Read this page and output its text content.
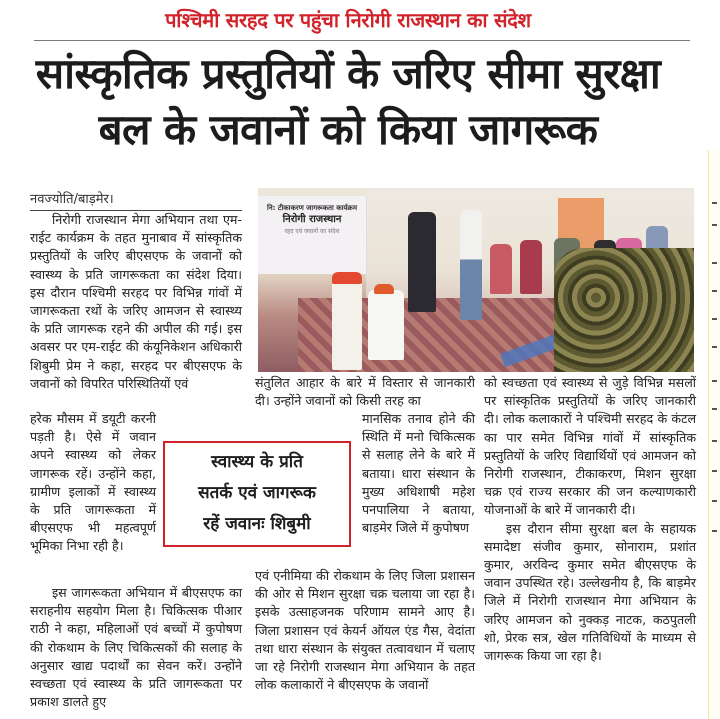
पश्चिमी सरहद पर पहुंचा निरोगी राजस्थान का संदेश
सांस्कृतिक प्रस्तुतियों के जरिए सीमा सुरक्षा
बल के जवानों को किया जागरूक
नि: टीकाकरण जागरूकता कार्यक्रम
निरोगी राजस्थान
रहृद एवं जवानों का संदेश
नवज्योति/बाड़मेर।

निरोगी राजस्थान मेगा अभियान तथा एम-राईट कार्यक्रम के तहत मुनाबाव में सांस्कृतिक प्रस्तुतियों के जरिए बीएसएफ के जवानों को स्वास्थ्य के प्रति जागरूकता का संदेश दिया। इस दौरान पश्चिमी सरहद पर विभिन्न गांवों में जागरूकता रथों के जरिए आमजन से स्वास्थ्य के प्रति जागरूक रहने की अपील की गई। इस अवसर पर एम-राईट की कंयूनिकेशन अधिकारी शिबुमी प्रेम ने कहा, सरहद पर बीएसएफ के जवानों को विपरित परिस्थितियों एवं

हरेक मौसम में डयूटी करनी पड़ती है। ऐसे में जवान अपने स्वास्थ्य को लेकर जागरूक रहें। उन्होंने कहा, ग्रामीण इलाकों में स्वास्थ्य के प्रति जागरूकता में बीएसएफ भी महत्वपूर्ण भूमिका निभा रही है।

इस जागरूकता अभियान में बीएसएफ का सराहनीय सहयोग मिला है। चिकित्सक पीआर राठी ने कहा, महिलाओं एवं बच्चों में कुपोषण की रोकथाम के लिए चिकित्सकों की सलाह के अनुसार खाद्य पदार्थों का सेवन करें। उन्होंने स्वच्छता एवं स्वास्थ्य के प्रति जागरूकता पर प्रकाश डालते हुए

स्वास्थ्य के प्रति
सतर्क एवं जागरूक
रहें जवानः शिबुमी

संतुलित आहार के बारे में विस्तार से जानकारी दी। उन्होंने जवानों को किसी तरह का

मानसिक तनाव होने की स्थिति में मनो चिकित्सक से सलाह लेने के बारे में बताया। धारा संस्थान के मुख्य अधिशाषी महेश पनपालिया ने बताया, बाड़मेर जिले में कुपोषण

एवं एनीमिया की रोकथाम के लिए जिला प्रशासन की ओर से मिशन सुरक्षा चक्र चलाया जा रहा है। इसके उत्साहजनक परिणाम सामने आए है। जिला प्रशासन एवं केयर्न ऑयल एंड गैस, वेदांता तथा धारा संस्थान के संयुक्त तत्वावधान में चलाए जा रहे निरोगी राजस्थान मेगा अभियान के तहत लोक कलाकारों ने बीएसएफ के जवानों

को स्वच्छता एवं स्वास्थ्य से जुड़े विभिन्न मसलों पर सांस्कृतिक प्रस्तुतियों के जरिए जानकारी दी। लोक कलाकारों ने पश्चिमी सरहद के कंटल का पार समेत विभिन्न गांवों में सांस्कृतिक प्रस्तुतियों के जरिए विद्यार्थियों एवं आमजन को निरोगी राजस्थान, टीकाकरण, मिशन सुरक्षा चक्र एवं राज्य सरकार की जन कल्याणकारी योजनाओं के बारे में जानकारी दी।

इस दौरान सीमा सुरक्षा बल के सहायक समादेष्टा संजीव कुमार, सोनाराम, प्रशांत कुमार, अरविन्द कुमार समेत बीएसएफ के जवान उपस्थित रहे। उल्लेखनीय है, कि बाड़मेर जिले में निरोगी राजस्थान मेगा अभियान के जरिए आमजन को नुक्कड़ नाटक, कठपुतली शो, प्रेरक सत्र, खेल गतिविधियों के माध्यम से जागरूक किया जा रहा है।
